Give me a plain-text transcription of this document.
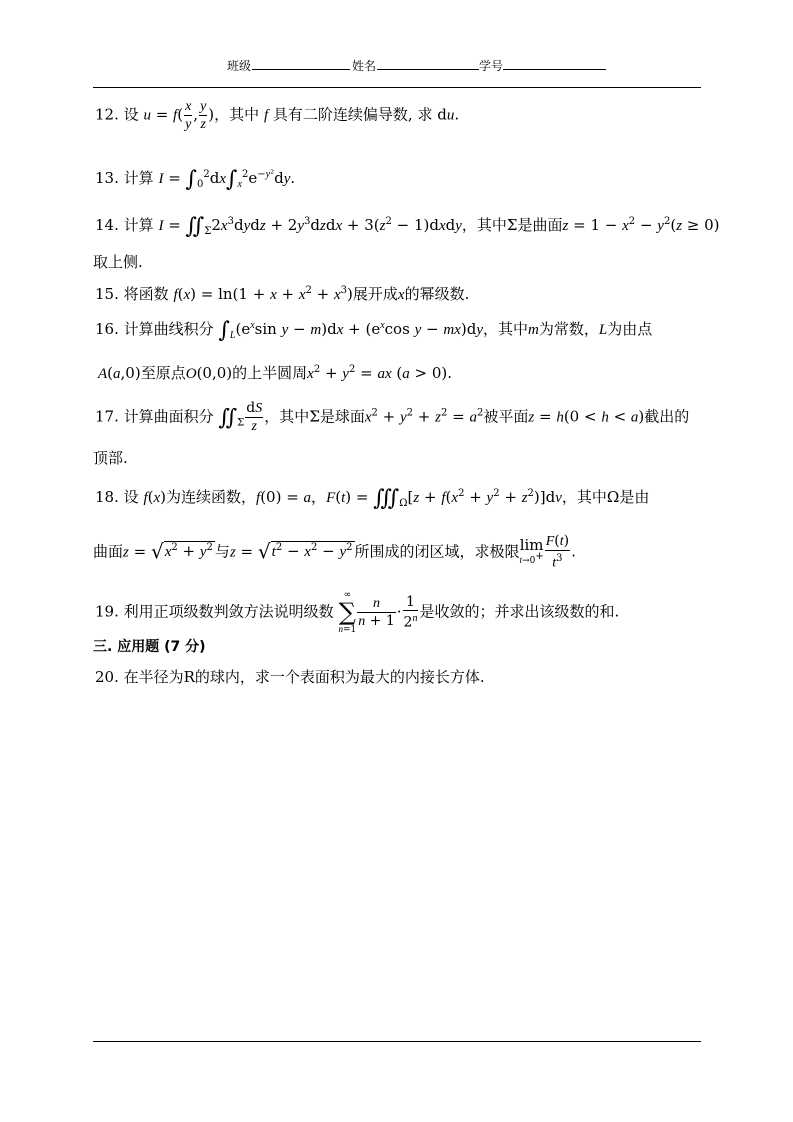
班级	姓名	学号
12. 设 $u = f( \frac{x}{y}$ , $\frac{y}{z}$ )，其中 f 具有二阶连续偏导数, 求 du.
13. 计算 $I = \int_0^2dx\int_x^2e^{-y^2}dy$.
14. 计算 $I = ∬_\Sigma 2x^3dydz$ + $2y^3dzdx + 3(z^2$ − 1)dxdy，其中Σ是曲面$z = 1 - x^2 - y^2(z \ge 0)$
取上侧.
15. 将函数 $f(x) = \ln(1 + x + x^2 + x^3)$展开成x的幂级数.
16. 计算曲线积分 $\int_L(e^x\sin$ $y - m)dx + (e^x\cos$ y − mx)dy，其中m为常数，L为由点
A(a,0)至原点O(0,0)的上半圆周$x^2 + y^2$ = ax (a > 0).
17. 计算曲面积分 $∬_\Sigma \frac{dS}{z}$ ，其中Σ是球面$x^2 + y^2 + z^2 = a^2$被平面z = h(0 < h < a)截出的
顶部.
18. 设 f(x)为连续函数，f(0) = a，$F(t) = ∭_\Omega[z + f(x^2 + y^2 + z^2)]dv$，其中Ω是由
曲面$z = √x^2 + y^2$ 与$z = √t^2 - x^2 - y^2$ 所围成的闭区域，求极限lim
$t\to 0^+ \frac{F(t)}{t^3}$ .
19. 利用正项级数判敛方法说明级数 ∞
∑
$n=1 \frac{n}{n + 1} \cdot \frac{1}{2^n}$ 是收敛的；并求出该级数的和.
三. 应用题 (7 分)
20. 在半径为R的球内，求一个表面积为最大的内接长方体.
